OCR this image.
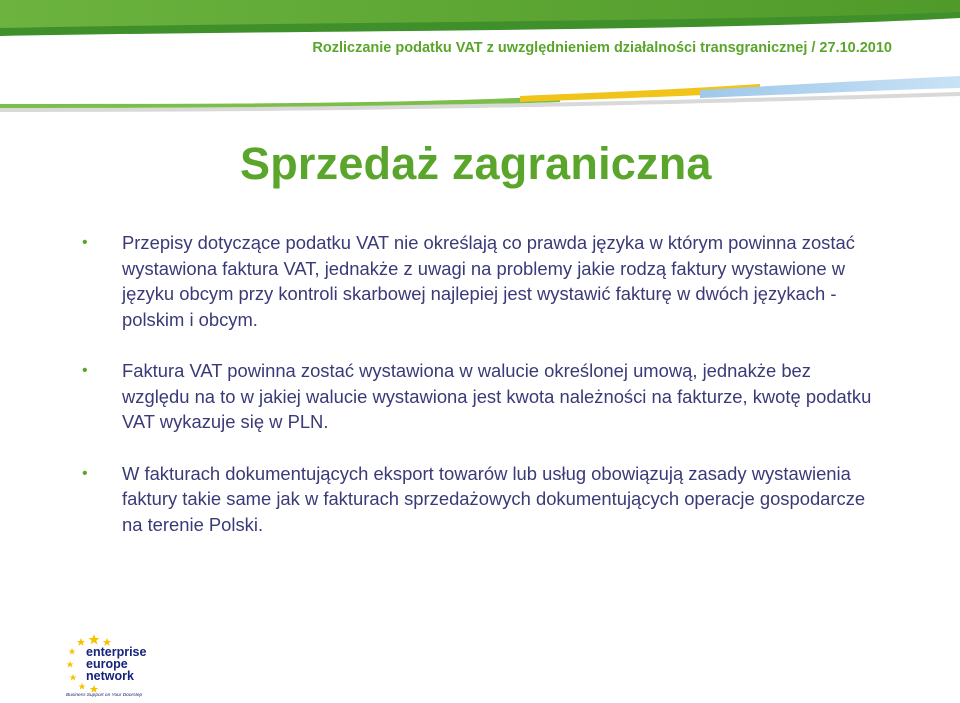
Rozliczanie podatku VAT z uwzględnieniem działalności transgranicznej / 27.10.2010
Sprzedaż zagraniczna
• Przepisy dotyczące podatku VAT nie określają co prawda języka w którym powinna zostać wystawiona faktura VAT, jednakże z uwagi na problemy jakie rodzą faktury wystawione w języku obcym przy kontroli skarbowej najlepiej jest wystawić fakturę w dwóch językach - polskim i obcym.
• Faktura VAT powinna zostać wystawiona w walucie określonej umową, jednakże bez względu na to w jakiej walucie wystawiona jest kwota należności na fakturze, kwotę podatku VAT wykazuje się w PLN.
• W fakturach dokumentujących eksport towarów lub usług obowiązują zasady wystawienia faktury takie same jak w fakturach sprzedażowych dokumentujących operacje gospodarcze na terenie Polski.
enterprise
europe
network
Business Support on Your Doorstep
